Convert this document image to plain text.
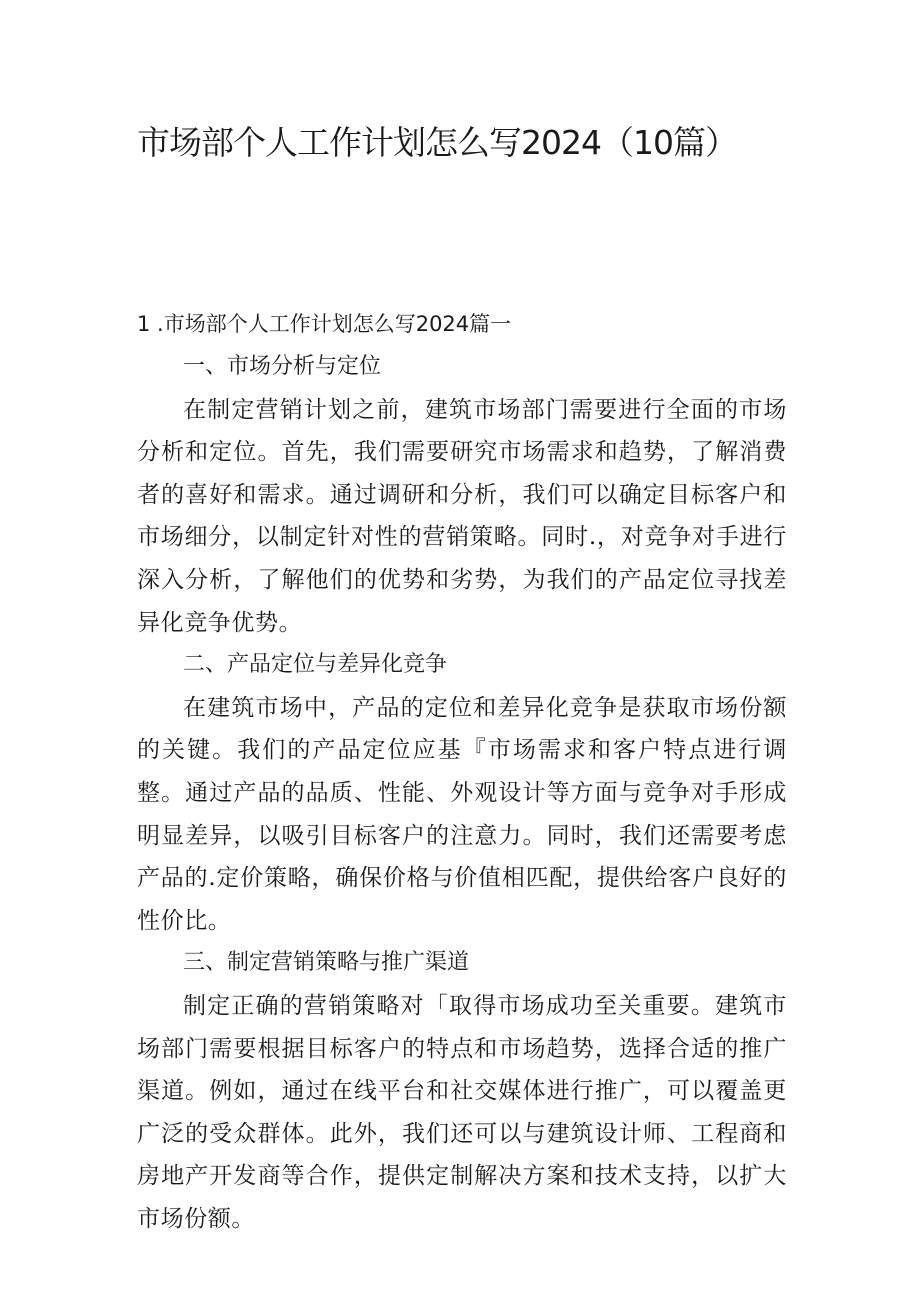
市场部个人工作计划怎么写2024（10篇）
1 .市场部个人工作计划怎么写2024篇一

一、市场分析与定位

在制定营销计划之前，建筑市场部门需要进行全面的市场分析和定位。首先，我们需要研究市场需求和趋势，了解消费者的喜好和需求。通过调研和分析，我们可以确定目标客户和市场细分，以制定针对性的营销策略。同时.，对竞争对手进行深入分析，了解他们的优势和劣势，为我们的产品定位寻找差异化竞争优势。

二、产品定位与差异化竞争

在建筑市场中，产品的定位和差异化竞争是获取市场份额的关键。我们的产品定位应基『市场需求和客户特点进行调整。通过产品的品质、性能、外观设计等方面与竞争对手形成明显差异，以吸引目标客户的注意力。同时，我们还需要考虑产品的.定价策略，确保价格与价值相匹配，提供给客户良好的性价比。

三、制定营销策略与推广渠道

制定正确的营销策略对「取得市场成功至关重要。建筑市场部门需要根据目标客户的特点和市场趋势，选择合适的推广渠道。例如，通过在线平台和社交媒体进行推广，可以覆盖更广泛的受众群体。此外，我们还可以与建筑设计师、工程商和房地产开发商等合作，提供定制解决方案和技术支持，以扩大市场份额。
